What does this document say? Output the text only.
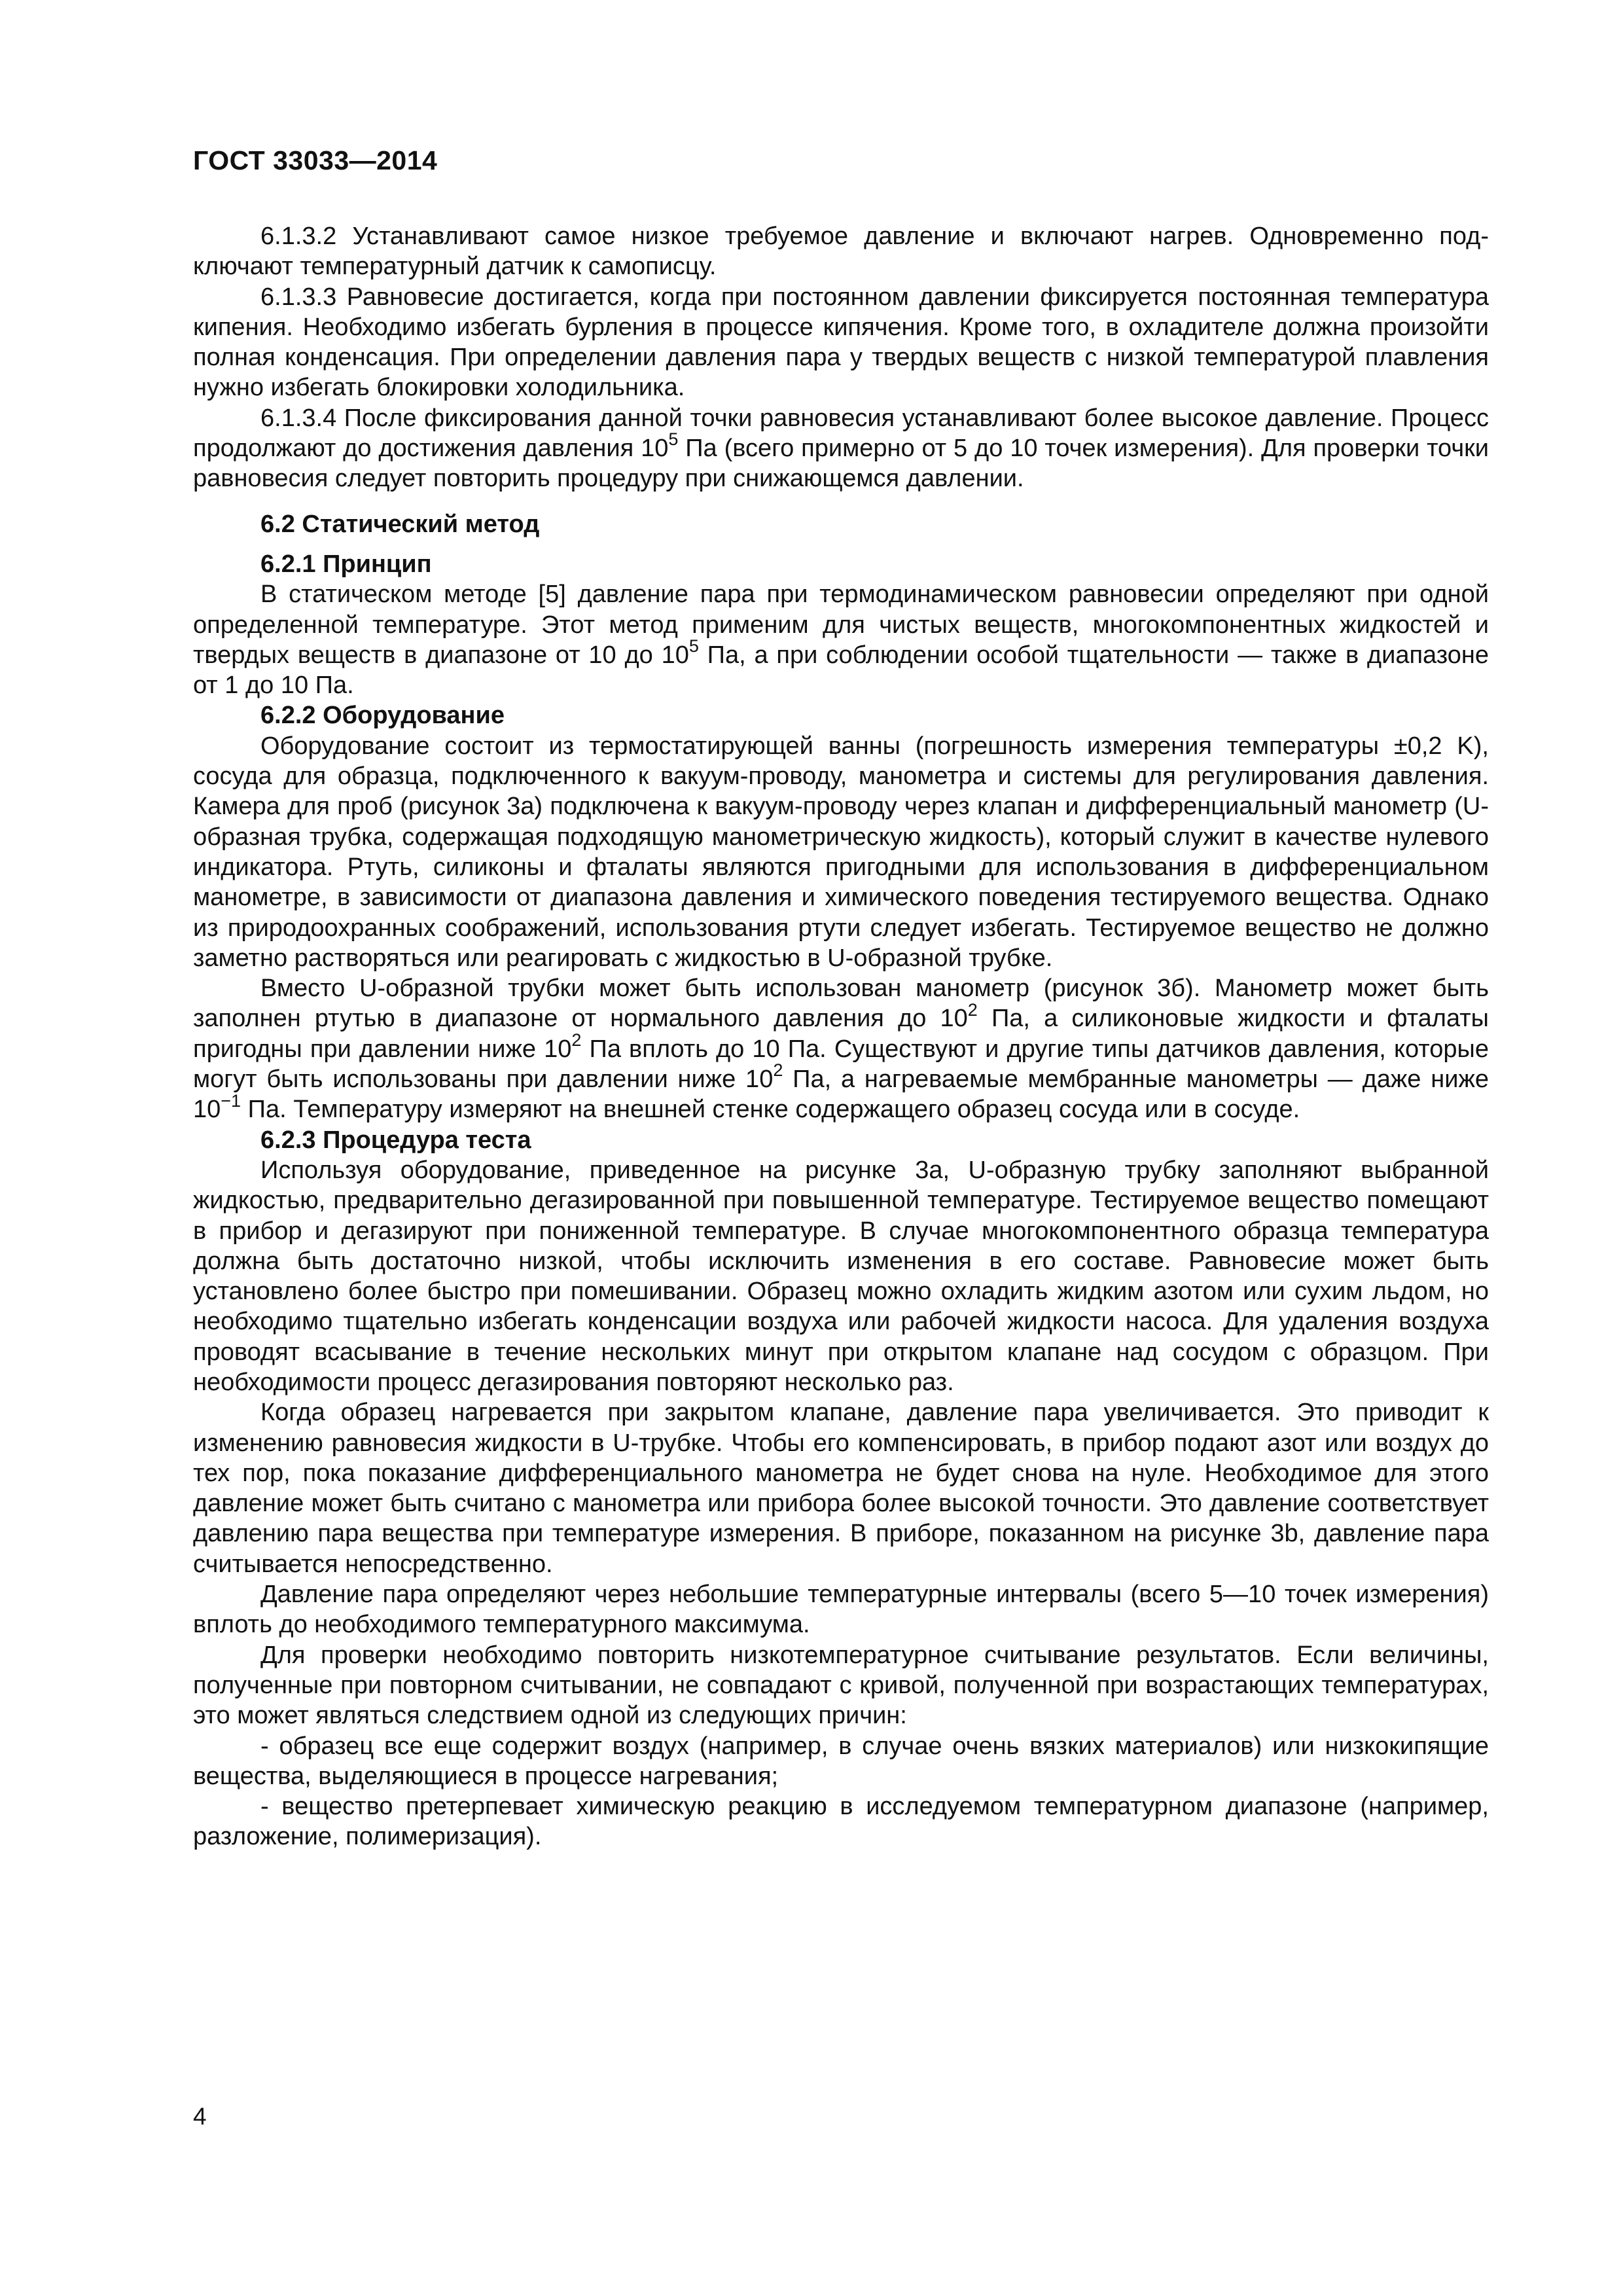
ГОСТ 33033—2014

6.1.3.2 Устанавливают самое низкое требуемое давление и включают нагрев. Одновременно подключают температурный датчик к самописцу.

6.1.3.3 Равновесие достигается, когда при постоянном давлении фиксируется постоянная температура кипения. Необходимо избегать бурления в процессе кипячения. Кроме того, в охладителе должна произойти полная конденсация. При определении давления пара у твердых веществ с низкой температурой плавления нужно избегать блокировки холодильника.

6.1.3.4 После фиксирования данной точки равновесия устанавливают более высокое давление. Процесс продолжают до достижения давления $10^5$ Па (всего примерно от 5 до 10 точек измерения). Для проверки точки равновесия следует повторить процедуру при снижающемся давлении.

6.2 Статический метод

6.2.1 Принцип

В статическом методе [5] давление пара при термодинамическом равновесии определяют при одной определенной температуре. Этот метод применим для чистых веществ, многокомпонентных жидкостей и твердых веществ в диапазоне от 10 до $10^5$ Па, а при соблюдении особой тщательности — также в диапазоне от 1 до 10 Па.

6.2.2 Оборудование

Оборудование состоит из термостатирующей ванны (погрешность измерения температуры ±0,2 K), сосуда для образца, подключенного к вакуум-проводу, манометра и системы для регулирования давления. Камера для проб (рисунок 3а) подключена к вакуум-проводу через клапан и дифференциальный манометр (U-образная трубка, содержащая подходящую манометрическую жидкость), который служит в качестве нулевого индикатора. Ртуть, силиконы и фталаты являются пригодными для использования в дифференциальном манометре, в зависимости от диапазона давления и химического поведения тестируемого вещества. Однако из природоохранных соображений, использования ртути следует избегать. Тестируемое вещество не должно заметно растворяться или реагировать с жидкостью в U-образной трубке.

Вместо U-образной трубки может быть использован манометр (рисунок 3б). Манометр может быть заполнен ртутью в диапазоне от нормального давления до $10^2$ Па, а силиконовые жидкости и фталаты пригодны при давлении ниже $10^2$ Па вплоть до 10 Па. Существуют и другие типы датчиков давления, которые могут быть использованы при давлении ниже $10^2$ Па, а нагреваемые мембранные манометры — даже ниже $10^{-1}$ Па. Температуру измеряют на внешней стенке содержащего образец сосуда или в сосуде.

6.2.3 Процедура теста

Используя оборудование, приведенное на рисунке 3а, U-образную трубку заполняют выбранной жидкостью, предварительно дегазированной при повышенной температуре. Тестируемое вещество помещают в прибор и дегазируют при пониженной температуре. В случае многокомпонентного образца температура должна быть достаточно низкой, чтобы исключить изменения в его составе. Равновесие может быть установлено более быстро при помешивании. Образец можно охладить жидким азотом или сухим льдом, но необходимо тщательно избегать конденсации воздуха или рабочей жидкости насоса. Для удаления воздуха проводят всасывание в течение нескольких минут при открытом клапане над сосудом с образцом. При необходимости процесс дегазирования повторяют несколько раз.

Когда образец нагревается при закрытом клапане, давление пара увеличивается. Это приводит к изменению равновесия жидкости в U-трубке. Чтобы его компенсировать, в прибор подают азот или воздух до тех пор, пока показание дифференциального манометра не будет снова на нуле. Необходимое для этого давление может быть считано с манометра или прибора более высокой точности. Это давление соответствует давлению пара вещества при температуре измерения. В приборе, показанном на рисунке 3b, давление пара считывается непосредственно.

Давление пара определяют через небольшие температурные интервалы (всего 5—10 точек измерения) вплоть до необходимого температурного максимума.

Для проверки необходимо повторить низкотемпературное считывание результатов. Если величины, полученные при повторном считывании, не совпадают с кривой, полученной при возрастающих температурах, это может являться следствием одной из следующих причин:

- образец все еще содержит воздух (например, в случае очень вязких материалов) или низкокипящие вещества, выделяющиеся в процессе нагревания;

- вещество претерпевает химическую реакцию в исследуемом температурном диапазоне (например, разложение, полимеризация).

4
